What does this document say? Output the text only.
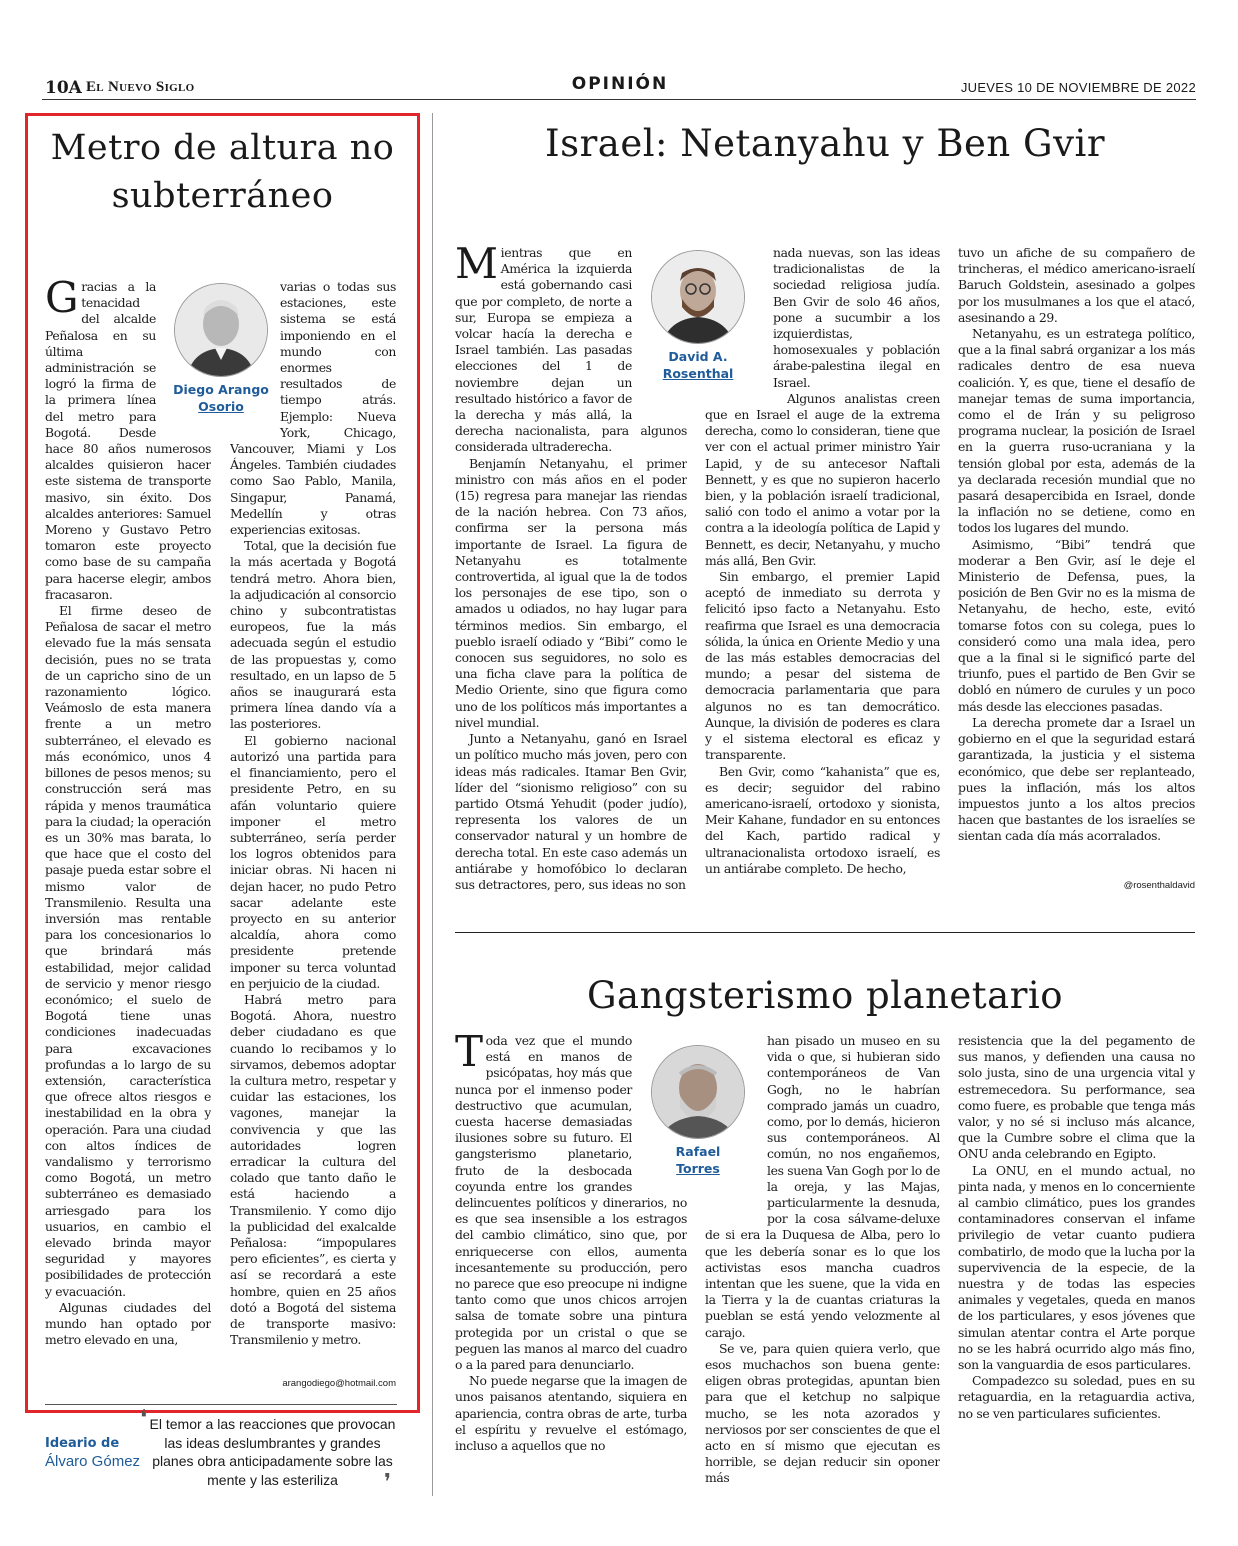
10A El Nuevo Siglo	OPINIÓN	JUEVES 10 DE NOVIEMBRE DE 2022
Metro de altura no subterráneo
Diego Arango
Osorio

Gracias a la tenacidad del alcalde Peñalosa en su última administración se logró la firma de la primera línea del metro para Bogotá. Desde hace 80 años numerosos alcaldes quisieron hacer este sistema de transporte masivo, sin éxito. Dos alcaldes anteriores: Samuel Moreno y Gustavo Petro tomaron este proyecto como base de su campaña para hacerse elegir, ambos fracasaron.

El firme deseo de Peñalosa de sacar el metro elevado fue la más sensata decisión, pues no se trata de un capricho sino de un razonamiento lógico. Veámoslo de esta manera frente a un metro subterráneo, el elevado es más económico, unos 4 billones de pesos menos; su construcción será mas rápida y menos traumática para la ciudad; la operación es un 30% mas barata, lo que hace que el costo del pasaje pueda estar sobre el mismo valor de Transmilenio. Resulta una inversión mas rentable para los concesionarios lo que brindará más estabilidad, mejor calidad de servicio y menor riesgo económico; el suelo de Bogotá tiene unas condiciones inadecuadas para excavaciones profundas a lo largo de su extensión, característica que ofrece altos riesgos e inestabilidad en la obra y operación. Para una ciudad con altos índices de vandalismo y terrorismo como Bogotá, un metro subterráneo es demasiado arriesgado para los usuarios, en cambio el elevado brinda mayor seguridad y mayores posibilidades de protección y evacuación.

Algunas ciudades del mundo han optado por metro elevado en una,

varias o todas sus estaciones, este sistema se está imponiendo en el mundo con enormes resultados de tiempo atrás. Ejemplo: Nueva York, Chicago, Vancouver, Miami y Los Ángeles. También ciudades como Sao Pablo, Manila, Singapur, Panamá, Medellín y otras experiencias exitosas.

Total, que la decisión fue la más acertada y Bogotá tendrá metro. Ahora bien, la adjudicación al consorcio chino y subcontratistas europeos, fue la más adecuada según el estudio de las propuestas y, como resultado, en un lapso de 5 años se inaugurará esta primera línea dando vía a las posteriores.

El gobierno nacional autorizó una partida para el financiamiento, pero el presidente Petro, en su afán voluntario quiere imponer el metro subterráneo, sería perder los logros obtenidos para iniciar obras. Ni hacen ni dejan hacer, no pudo Petro sacar adelante este proyecto en su anterior alcaldía, ahora como presidente pretende imponer su terca voluntad en perjuicio de la ciudad.

Habrá metro para Bogotá. Ahora, nuestro deber ciudadano es que cuando lo recibamos y lo sirvamos, debemos adoptar la cultura metro, respetar y cuidar las estaciones, los vagones, manejar la convivencia y que las autoridades logren erradicar la cultura del colado que tanto daño le está haciendo a Transmilenio. Y como dijo la publicidad del exalcalde Peñalosa: “impopulares pero eficientes”, es cierta y así se recordará a este hombre, quien en 25 años dotó a Bogotá del sistema de transporte masivo: Transmilenio y metro.

arangodiego@hotmail.com
Ideario de
Álvaro Gómez
❛ El temor a las reacciones que provocan las ideas deslumbrantes y grandes planes obra anticipadamente sobre las mente y las esteriliza	❜
Israel: Netanyahu y Ben Gvir
David A.
Rosenthal

Mientras que en América la izquierda está gobernando casi que por completo, de norte a sur, Europa se empieza a volcar hacía la derecha e Israel también. Las pasadas elecciones del 1 de noviembre dejan un resultado histórico a favor de la derecha y más allá, la derecha nacionalista, para algunos considerada ultraderecha.

Benjamín Netanyahu, el primer ministro con más años en el poder (15) regresa para manejar las riendas de la nación hebrea. Con 73 años, confirma ser la persona más importante de Israel. La figura de Netanyahu es totalmente controvertida, al igual que la de todos los personajes de ese tipo, son o amados u odiados, no hay lugar para términos medios. Sin embargo, el pueblo israelí odiado y “Bibi” como le conocen sus seguidores, no solo es una ficha clave para la política de Medio Oriente, sino que figura como uno de los políticos más importantes a nivel mundial.

Junto a Netanyahu, ganó en Israel un político mucho más joven, pero con ideas más radicales. Itamar Ben Gvir, líder del “sionismo religioso” con su partido Otsmá Yehudit (poder judío), representa los valores de un conservador natural y un hombre de derecha total. En este caso además un antiárabe y homofóbico lo declaran sus detractores, pero, sus ideas no son

nada nuevas, son las ideas tradicionalistas de la sociedad religiosa judía. Ben Gvir de solo 46 años, pone a sucumbir a los izquierdistas, homosexuales y población árabe-palestina ilegal en Israel.

Algunos analistas creen que en Israel el auge de la extrema derecha, como lo consideran, tiene que ver con el actual primer ministro Yair Lapid, y de su antecesor Naftali Bennett, y es que no supieron hacerlo bien, y la población israelí tradicional, salió con todo el animo a votar por la contra a la ideología política de Lapid y Bennett, es decir, Netanyahu, y mucho más allá, Ben Gvir.

Sin embargo, el premier Lapid aceptó de inmediato su derrota y felicitó ipso facto a Netanyahu. Esto reafirma que Israel es una democracia sólida, la única en Oriente Medio y una de las más estables democracias del mundo; a pesar del sistema de democracia parlamentaria que para algunos no es tan democrático. Aunque, la división de poderes es clara y el sistema electoral es eficaz y transparente.

Ben Gvir, como “kahanista” que es, es decir; seguidor del rabino americano-israelí, ortodoxo y sionista, Meir Kahane, fundador en su entonces del Kach, partido radical y ultranacionalista ortodoxo israelí, es un antiárabe completo. De hecho,

tuvo un afiche de su compañero de trincheras, el médico americano-israelí Baruch Goldstein, asesinado a golpes por los musulmanes a los que el atacó, asesinando a 29.

Netanyahu, es un estratega político, que a la final sabrá organizar a los más radicales dentro de esa nueva coalición. Y, es que, tiene el desafío de manejar temas de suma importancia, como el de Irán y su peligroso programa nuclear, la posición de Israel en la guerra ruso-ucraniana y la tensión global por esta, además de la ya declarada recesión mundial que no pasará desapercibida en Israel, donde la inflación no se detiene, como en todos los lugares del mundo.

Asimismo, “Bibi” tendrá que moderar a Ben Gvir, así le deje el Ministerio de Defensa, pues, la posición de Ben Gvir no es la misma de Netanyahu, de hecho, este, evitó tomarse fotos con su colega, pues lo consideró como una mala idea, pero que a la final si le significó parte del triunfo, pues el partido de Ben Gvir se dobló en número de curules y un poco más desde las elecciones pasadas.

La derecha promete dar a Israel un gobierno en el que la seguridad estará garantizada, la justicia y el sistema económico, que debe ser replanteado, pues la inflación, más los altos impuestos junto a los altos precios hacen que bastantes de los israelíes se sientan cada día más acorralados.

@rosenthaldavid
Gangsterismo planetario
Rafael
Torres

Toda vez que el mundo está en manos de psicópatas, hoy más que nunca por el inmenso poder destructivo que acumulan, cuesta hacerse demasiadas ilusiones sobre su futuro. El gangsterismo planetario, fruto de la desbocada coyunda entre los grandes delincuentes políticos y dinerarios, no es que sea insensible a los estragos del cambio climático, sino que, por enriquecerse con ellos, aumenta incesantemente su producción, pero no parece que eso preocupe ni indigne tanto como que unos chicos arrojen salsa de tomate sobre una pintura protegida por un cristal o que se peguen las manos al marco del cuadro o a la pared para denunciarlo.

No puede negarse que la imagen de unos paisanos atentando, siquiera en apariencia, contra obras de arte, turba el espíritu y revuelve el estómago, incluso a aquellos que no

han pisado un museo en su vida o que, si hubieran sido contemporáneos de Van Gogh, no le habrían comprado jamás un cuadro, como, por lo demás, hicieron sus contemporáneos. Al común, no nos engañemos, les suena Van Gogh por lo de la oreja, y las Majas, particularmente la desnuda, por la cosa sálvame-deluxe de si era la Duquesa de Alba, pero lo que les debería sonar es lo que los activistas esos mancha cuadros intentan que les suene, que la vida en la Tierra y la de cuantas criaturas la pueblan se está yendo velozmente al carajo.

Se ve, para quien quiera verlo, que esos muchachos son buena gente: eligen obras protegidas, apuntan bien para que el ketchup no salpique mucho, se les nota azorados y nerviosos por ser conscientes de que el acto en sí mismo que ejecutan es horrible, se dejan reducir sin oponer más

resistencia que la del pegamento de sus manos, y defienden una causa no solo justa, sino de una urgencia vital y estremecedora. Su performance, sea como fuere, es probable que tenga más valor, y no sé si incluso más alcance, que la Cumbre sobre el clima que la ONU anda celebrando en Egipto.

La ONU, en el mundo actual, no pinta nada, y menos en lo concerniente al cambio climático, pues los grandes contaminadores conservan el infame privilegio de vetar cuanto pudiera combatirlo, de modo que la lucha por la supervivencia de la especie, de la nuestra y de todas las especies animales y vegetales, queda en manos de los particulares, y esos jóvenes que simulan atentar contra el Arte porque no se les habrá ocurrido algo más fino, son la vanguardia de esos particulares.

Compadezco su soledad, pues en su retaguardia, en la retaguardia activa, no se ven particulares suficientes.
